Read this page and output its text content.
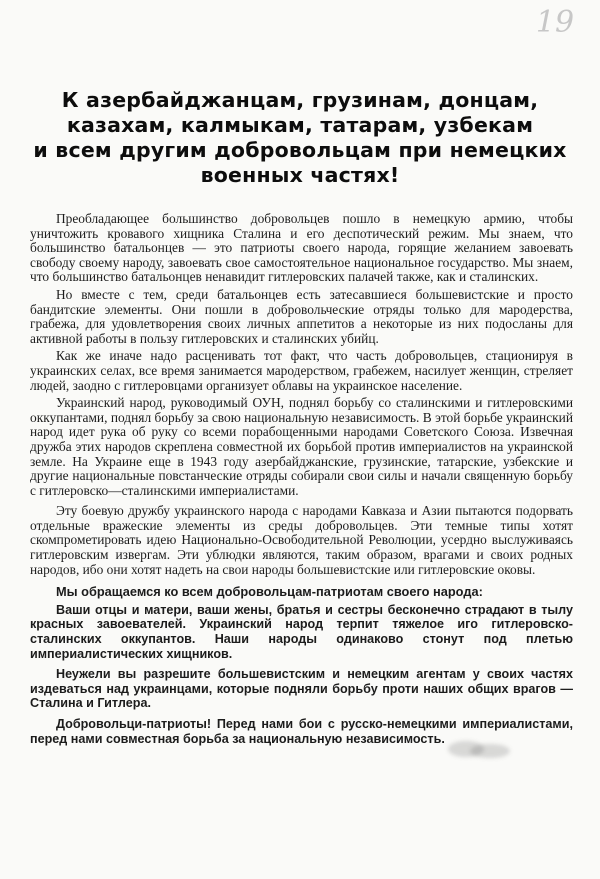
19
К азербайджанцам, грузинам, донцам,
казахам, калмыкам, татарам, узбекам
и всем другим добровольцам при немецких
военных частях!

Преобладающее большинство добровольцев пошло в немецкую армию, чтобы уничтожить кровавого хищника Сталина и его деспотический режим. Мы знаем, что большинство батальонцев — это патриоты своего народа, горящие желанием завоевать свободу своему народу, завоевать свое самостоятельное национальное государство. Мы знаем, что большинство батальонцев ненавидит гитлеровских палачей также, как и сталинских.

Но вместе с тем, среди батальонцев есть затесавшиеся большевистские и просто бандитские элементы. Они пошли в добровольческие отряды только для мародерства, грабежа, для удовлетворения своих личных аппетитов а некоторые из них подосланы для активной работы в пользу гитлеровских и сталинских убийц.

Как же иначе надо расценивать тот факт, что часть добровольцев, стационируя в украинских селах, все время занимается мародерством, грабежем, насилует женщин, стреляет людей, заодно с гитлеровцами организует облавы на украинское население.

Украинский народ, руководимый ОУН, поднял борьбу со сталинскими и гитлеровскими оккупантами, поднял борьбу за свою национальную независимость. В этой борьбе украинский народ идет рука об руку со всеми порабощенными народами Советского Союза. Извечная дружба этих народов скреплена совместной их борьбой против империалистов на украинской земле. На Украине еще в 1943 году азербайджанские, грузинские, татарские, узбекские и другие национальные повстанческие отряды собирали свои силы и начали священную борьбу с гитлеровско—сталинскими империалистами.

Эту боевую дружбу украинского народа с народами Кавказа и Азии пытаются подорвать отдельные вражеские элементы из среды добровольцев. Эти темные типы хотят скомпрометировать идею Национально-Освободительной Революции, усердно выслуживаясь гитлеровским извергам. Эти ублюдки являются, таким образом, врагами и своих родных народов, ибо они хотят надеть на свои народы большевистские или гитлеровские оковы.

Мы обращаемся ко всем добровольцам-патриотам своего народа:

Ваши отцы и матери, ваши жены, братья и сестры бесконечно страдают в тылу красных завоевателей. Украинский народ терпит тяжелое иго гитлеровско-сталинских оккупантов. Наши народы одинаково стонут под плетью империалистических хищников.

Неужели вы разрешите большевистским и немецким агентам у своих частях издеваться над украинцами, которые подняли борьбу проти наших общих врагов — Сталина и Гитлера.

Добровольци-патриоты! Перед нами бои с русско-немецкими империалистами, перед нами совместная борьба за национальную независимость.
